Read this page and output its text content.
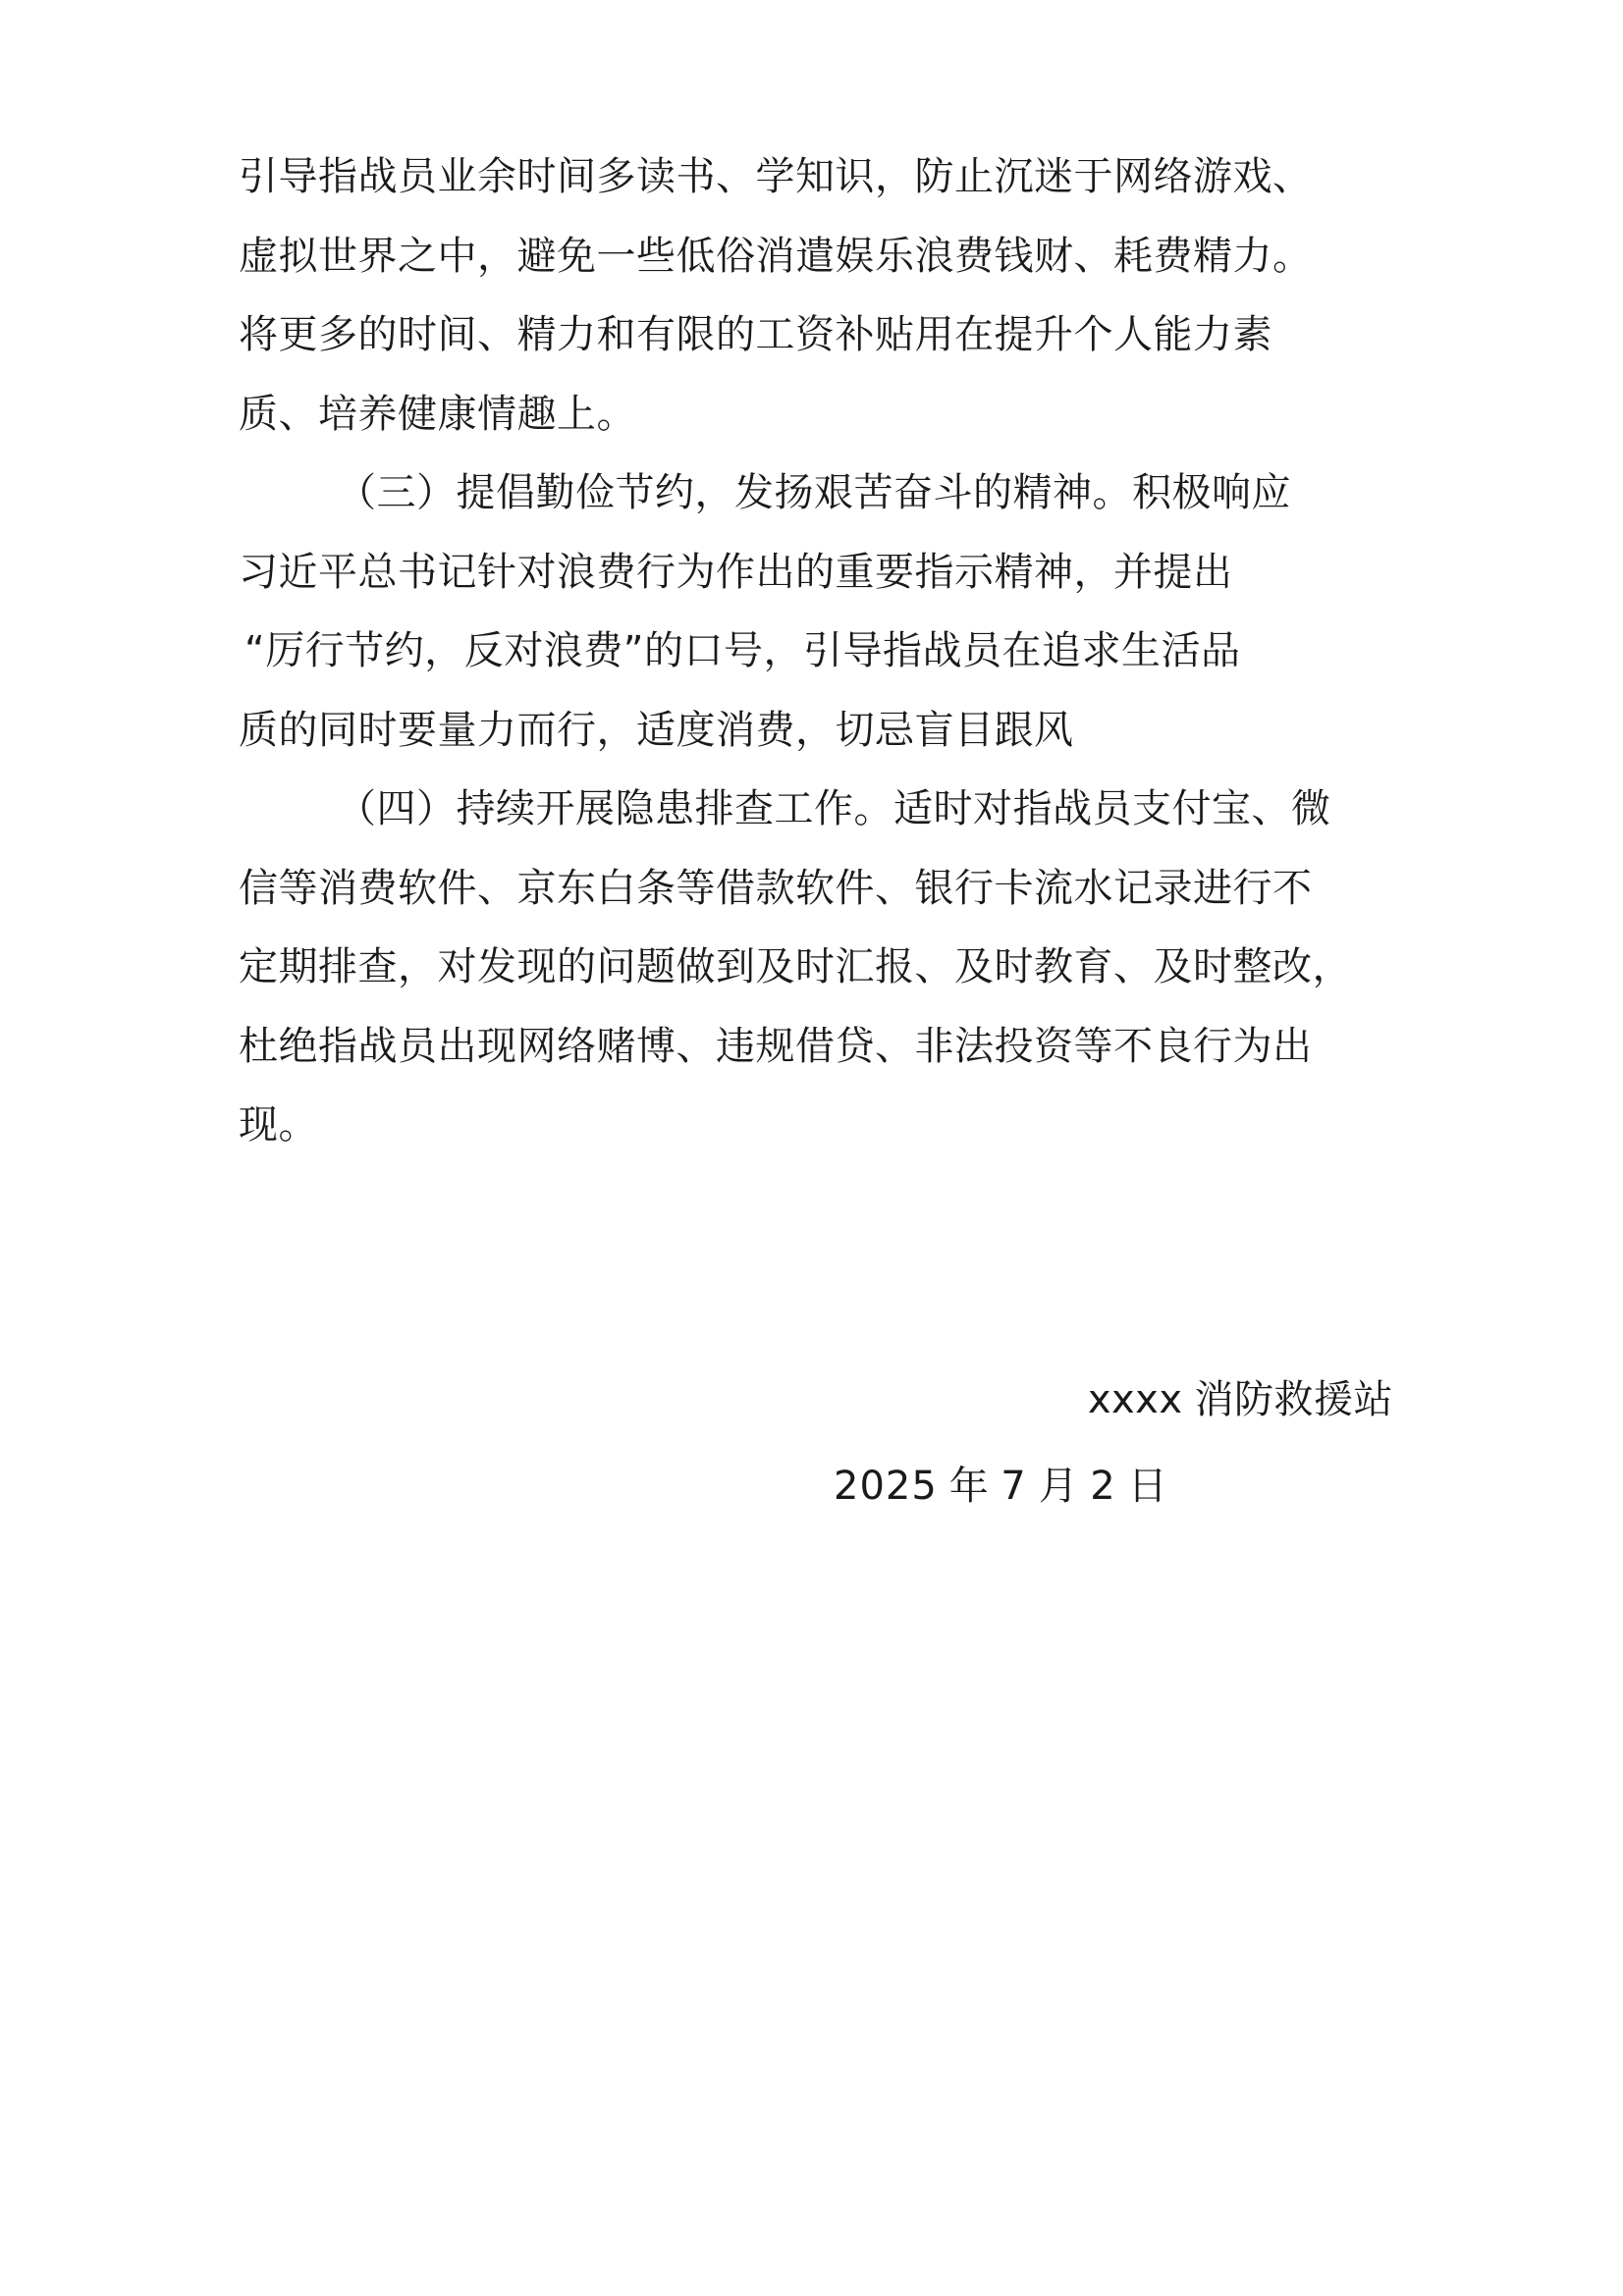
引导指战员业余时间多读书、学知识，防止沉迷于网络游戏、
虚拟世界之中，避免一些低俗消遣娱乐浪费钱财、耗费精力。
将更多的时间、精力和有限的工资补贴用在提升个人能力素
质、培养健康情趣上。
（三）提倡勤俭节约，发扬艰苦奋斗的精神。积极响应
习近平总书记针对浪费行为作出的重要指示精神，并提出
“厉行节约，反对浪费”的口号，引导指战员在追求生活品
质的同时要量力而行，适度消费，切忌盲目跟风
（四）持续开展隐患排查工作。适时对指战员支付宝、微
信等消费软件、京东白条等借款软件、银行卡流水记录进行不
定期排查，对发现的问题做到及时汇报、及时教育、及时整改，
杜绝指战员出现网络赌博、违规借贷、非法投资等不良行为出
现。
xxxx 消防救援站
2025 年 7 月 2 日
